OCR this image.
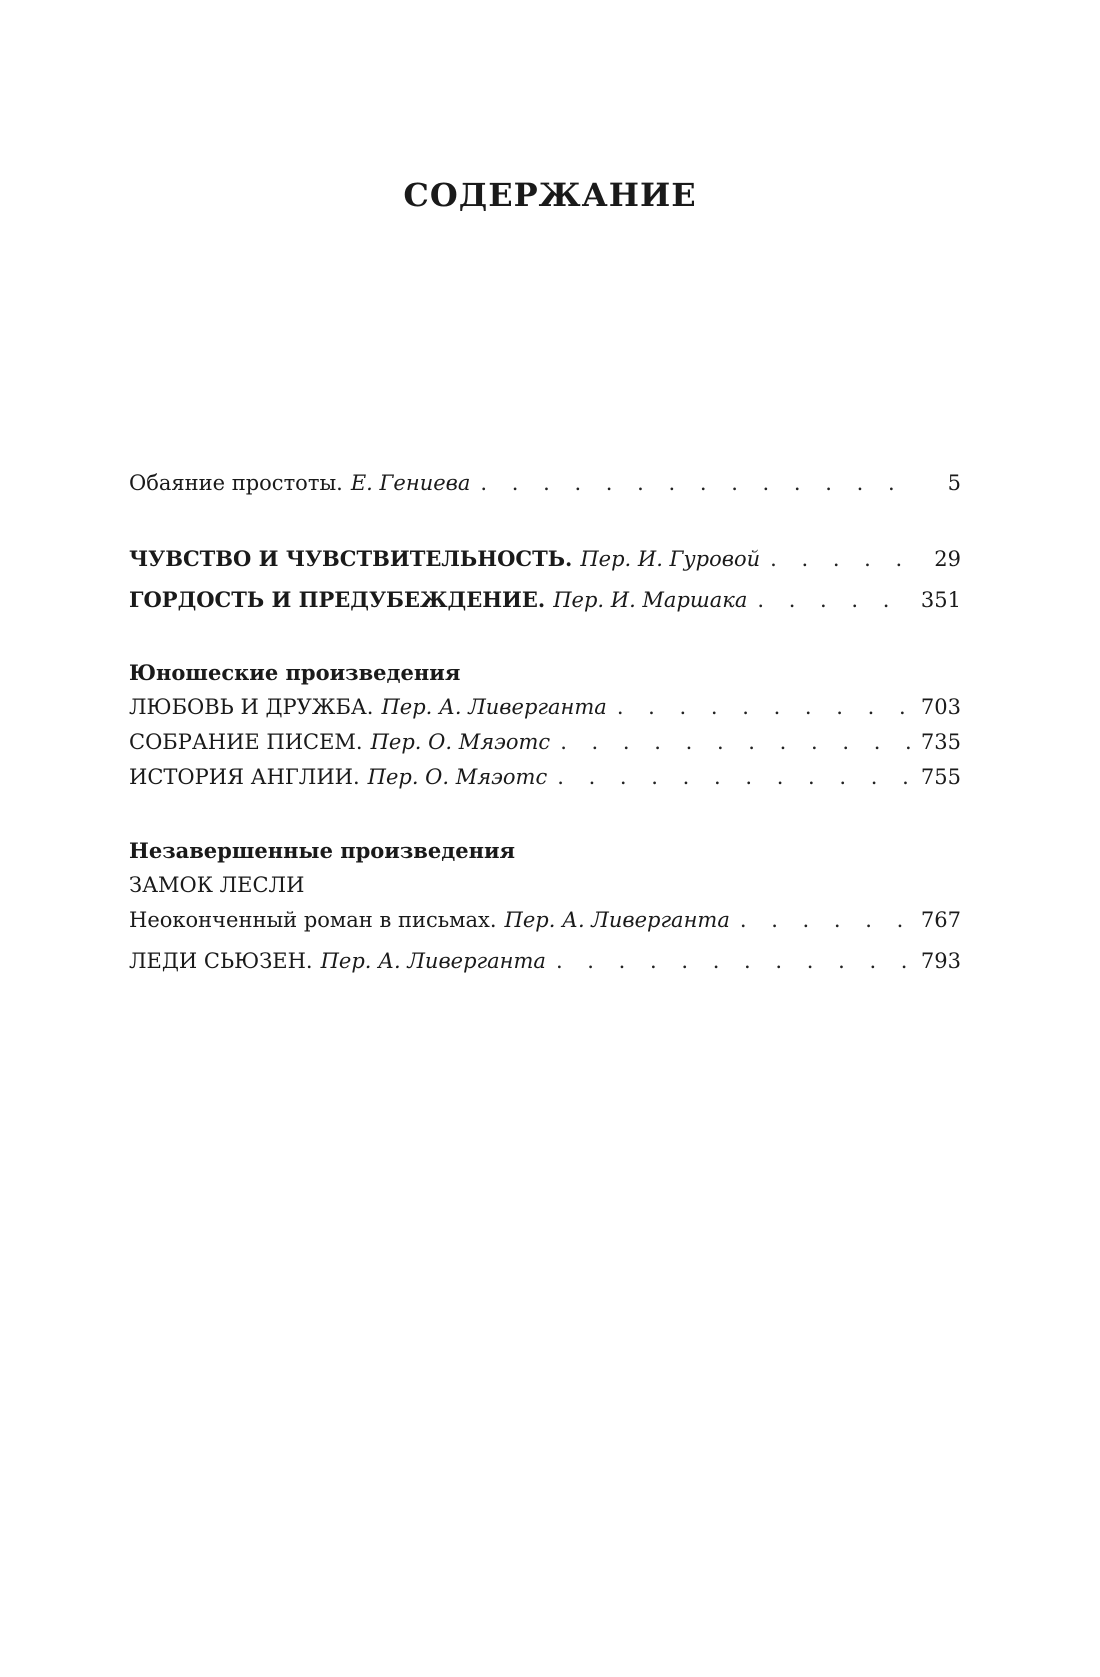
СОДЕРЖАНИЕ
Обаяние простоты. Е. Гениева . . .	5
ЧУВСТВО И ЧУВСТВИТЕЛЬНОСТЬ. Пер. И. Гуровой . . .	29
ГОРДОСТЬ И ПРЕДУБЕЖДЕНИЕ. Пер. И. Маршака . . .	351
Юношеские произведения
ЛЮБОВЬ И ДРУЖБА. Пер. А. Ливерганта . . .	703
СОБРАНИЕ ПИСЕМ. Пер. О. Мяэотс . . .	735
ИСТОРИЯ АНГЛИИ. Пер. О. Мяэотс . . .	755
Незавершенные произведения
ЗАМОК ЛЕСЛИ
Неоконченный роман в письмах. Пер. А. Ливерганта . . .	767
ЛЕДИ СЬЮЗЕН. Пер. А. Ливерганта . . .	793
